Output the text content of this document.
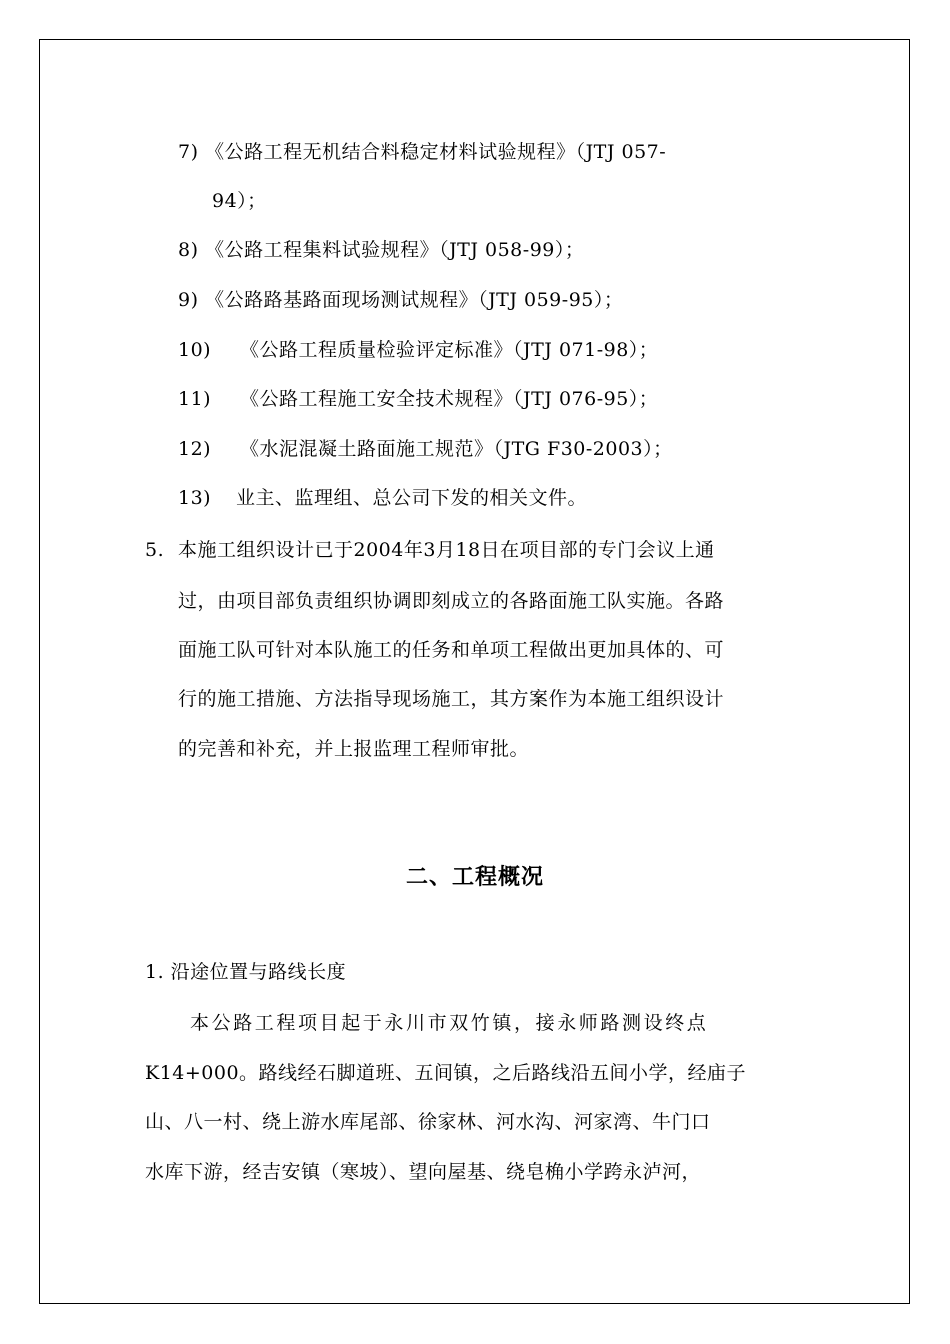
7) 《公路工程无机结合料稳定材料试验规程》（JTJ 057-
94）；
8) 《公路工程集料试验规程》（JTJ 058-99）；
9) 《公路路基路面现场测试规程》（JTJ 059-95）；
10) 《公路工程质量检验评定标准》（JTJ 071-98）；
11) 《公路工程施工安全技术规程》（JTJ 076-95）；
12) 《水泥混凝土路面施工规范》（JTG F30-2003）；
13) 业主、监理组、总公司下发的相关文件。
5. 本施工组织设计已于2004年3月18日在项目部的专门会议上通
过，由项目部负责组织协调即刻成立的各路面施工队实施。各路
面施工队可针对本队施工的任务和单项工程做出更加具体的、可
行的施工措施、方法指导现场施工，其方案作为本施工组织设计
的完善和补充，并上报监理工程师审批。
二、工程概况
1. 沿途位置与路线长度
本公路工程项目起于永川市双竹镇，接永师路测设终点
K14+000。路线经石脚道班、五间镇，之后路线沿五间小学，经庙子
山、八一村、绕上游水库尾部、徐家林、河水沟、河家湾、牛门口
水库下游，经吉安镇（寒坡）、望向屋基、绕皂桷小学跨永泸河，
